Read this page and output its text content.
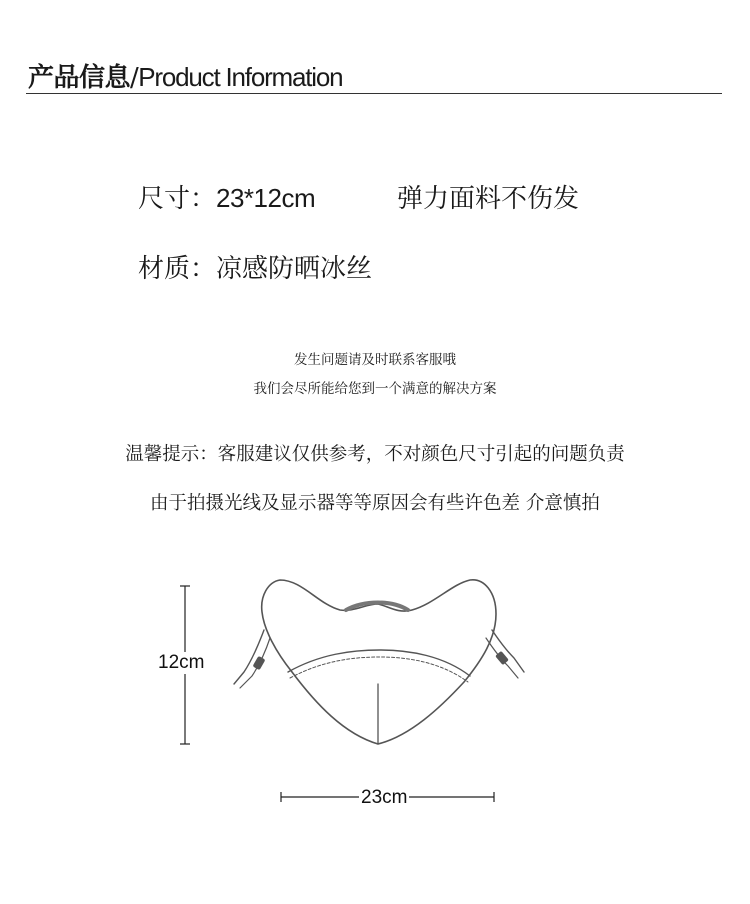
产品信息 / Product Information
尺寸：23*12cm	弹力面料不伤发
材质：凉感防晒冰丝
发生问题请及时联系客服哦
我们会尽所能给您到一个满意的解决方案
温馨提示：客服建议仅供参考，不对颜色尺寸引起的问题负责
由于拍摄光线及显示器等等原因会有些许色差 介意慎拍
12cm
23cm
